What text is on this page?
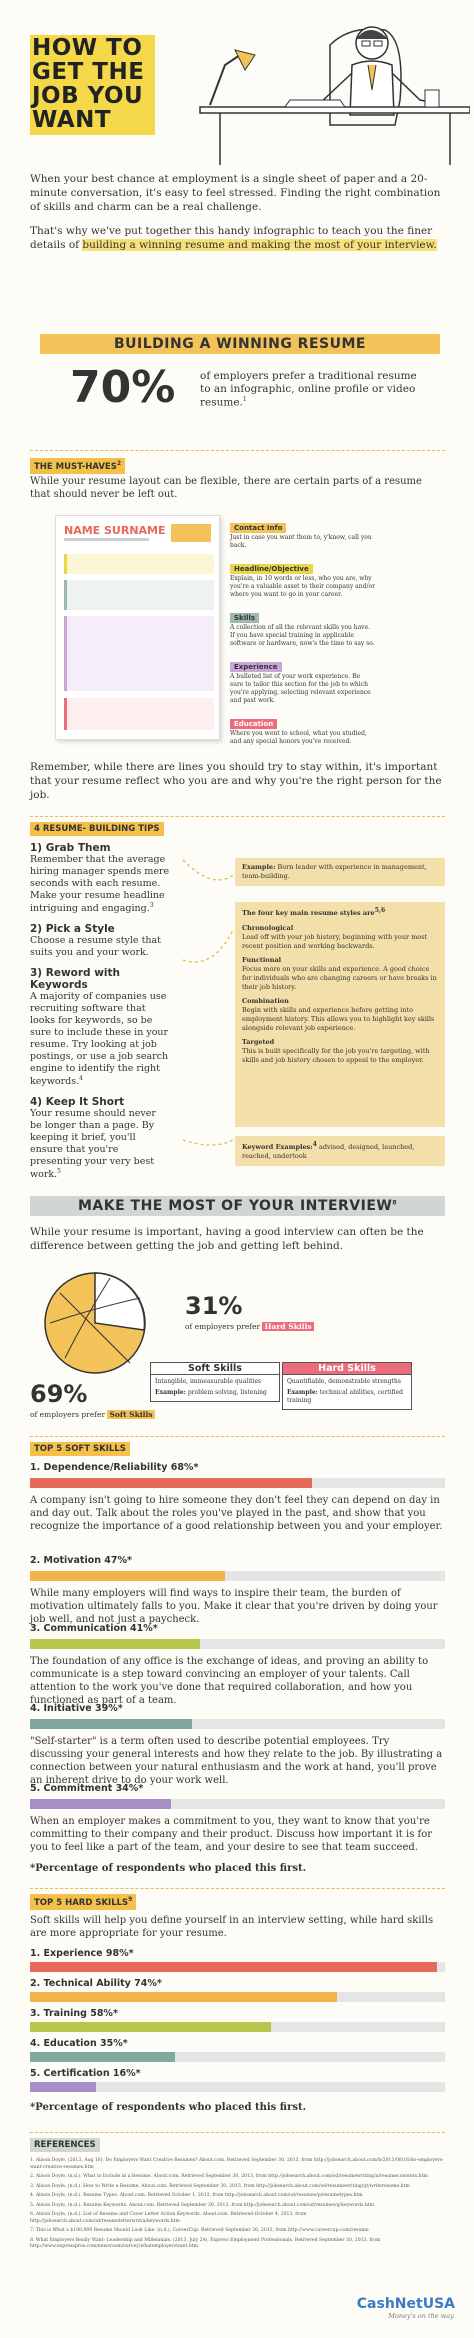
HOW TO
GET THE
JOB YOU
WANT

When your best chance at employment is a single sheet of paper and a 20-minute conversation, it's easy to feel stressed. Finding the right combination of skills and charm can be a real challenge.

That's why we've put together this handy infographic to teach you the finer details of building a winning resume and making the most of your interview.

BUILDING A WINNING RESUME
70% of employers prefer a traditional resume to an infographic, online profile or video resume.$^1$
THE MUST-HAVES$^2$
While your resume layout can be flexible, there are certain parts of a resume that should never be left out.
NAME SURNAME	Contact Info
Just in case you want them to, y'know, call you back.
Headline/Objective
Explain, in 10 words or less, who you are, why you're a valuable asset to their company and/or where you want to go in your career.
Skills
A collection of all the relevant skills you have. If you have special training in applicable software or hardware, now's the time to say so.
Experience
A bulleted list of your work experience. Be sure to tailor this section for the job to which you're applying, selecting relevant experience and past work.
Education
Where you went to school, what you studied, and any special honors you've received.
Remember, while there are lines you should try to stay within, it's important that your resume reflect who you are and why you're the right person for the job.
4 RESUME- BUILDING TIPS
1) Grab Them
Remember that the average hiring manager spends mere seconds with each resume. Make your resume headline intriguing and engaging.$^3$
2) Pick a Style
Choose a resume style that suits you and your work.
3) Reword with Keywords
A majority of companies use recruiting software that looks for keywords, so be sure to include these in your resume. Try looking at job postings, or use a job search engine to identify the right keywords.$^4$
4) Keep It Short
Your resume should never be longer than a page. By keeping it brief, you'll ensure that you're presenting your very best work.$^5$
Example: Born leader with experience in management, team-building.
The four key main resume styles are$^{5,6}$
Chronological
Lead off with your job history, beginning with your most recent position and working backwards.
Functional
Focus more on your skills and experience. A good choice for individuals who are changing careers or have breaks in their job history.
Combination
Begin with skills and experience before getting into employment history. This allows you to highlight key skills alongside relevant job experience.
Targeted
This is built specifically for the job you're targeting, with skills and job history chosen to appeal to the employer.
Keyword Examples:$^4$ advised, designed, launched, reached, undertook
MAKE THE MOST OF YOUR INTERVIEW$^8$
While your resume is important, having a good interview can often be the difference between getting the job and getting left behind.
31%
of employers prefer Hard Skills
69%
of employers prefer Soft Skills
Soft Skills
Intangible, immeasurable qualities
Example: problem solving, listening
Hard Skills
Quantifiable, demonstrable strengths
Example: technical abilities, certified training
TOP 5 SOFT SKILLS
1. Dependence/Reliability 68%*
A company isn't going to hire someone they don't feel they can depend on day in and day out. Talk about the roles you've played in the past, and show that you recognize the importance of a good relationship between you and your employer.
2. Motivation 47%*
While many employers will find ways to inspire their team, the burden of motivation ultimately falls to you. Make it clear that you're driven by doing your job well, and not just a paycheck.
3. Communication 41%*
The foundation of any office is the exchange of ideas, and proving an ability to communicate is a step toward convincing an employer of your talents. Call attention to the work you've done that required collaboration, and how you functioned as part of a team.
4. Initiative 39%*
"Self-starter" is a term often used to describe potential employees. Try discussing your general interests and how they relate to the job. By illustrating a connection between your natural enthusiasm and the work at hand, you'll prove an inherent drive to do your work well.
5. Commitment 34%*
When an employer makes a commitment to you, they want to know that you're committing to their company and their product. Discuss how important it is for you to feel like a part of the team, and your desire to see that team succeed.
*Percentage of respondents who placed this first.
TOP 5 HARD SKILLS$^9$
Soft skills will help you define yourself in an interview setting, while hard skills are more appropriate for your resume.
1. Experience 98%*
2. Technical Ability 74%*
3. Training 58%*
4. Education 35%*
5. Certification 16%*
*Percentage of respondents who placed this first.
REFERENCES
1. Alison Doyle, (2013, Aug 16). Do Employers Want Creative Resumes? About.com. Retrieved September 30, 2013, from http://jobsearch.about.com/b/2013/08/16/do-employers-want-creative-resumes.htm
2. Alison Doyle, (n.d.). What to Include in a Resume. About.com. Retrieved September 30, 2013, from http://jobsearch.about.com/od/resumewriting/a/resumecontents.htm
3. Alison Doyle, (n.d.). How to Write a Resume. About.com. Retrieved September 30, 2013, from http://jobsearch.about.com/od/resumewriting/qt/writeresume.htm
4. Alison Doyle, (n.d.). Resume Types. About.com. Retrieved October 1, 2013, from http://jobsearch.about.com/od/resumes/p/resumetypes.htm
5. Alison Doyle, (n.d.). Resume Keywords. About.com. Retrieved September 30, 2013, from http://jobsearch.about.com/od/resumes/g/keywords.htm
6. Alison Doyle, (n.d.). List of Resume and Cover Letter Action Keywords. About.com. Retrieved October 4, 2013, from http://jobsearch.about.com/od/resumeletterwrit/a/keywords.htm
7. This is What a $100,000 Resume Should Look Like. (n.d.). CareerCup. Retrieved September 30, 2013, from http://www.careercup.com/resume
8. What Employers Really Want: Leadership and Millennials. (2013, July 24). Express Employment Professionals. Retrieved September 30, 2013, from http://www.expresspros.com/newsroom/survey/whatemployerswant.htm
CashNetUSA
Money's on the way.
